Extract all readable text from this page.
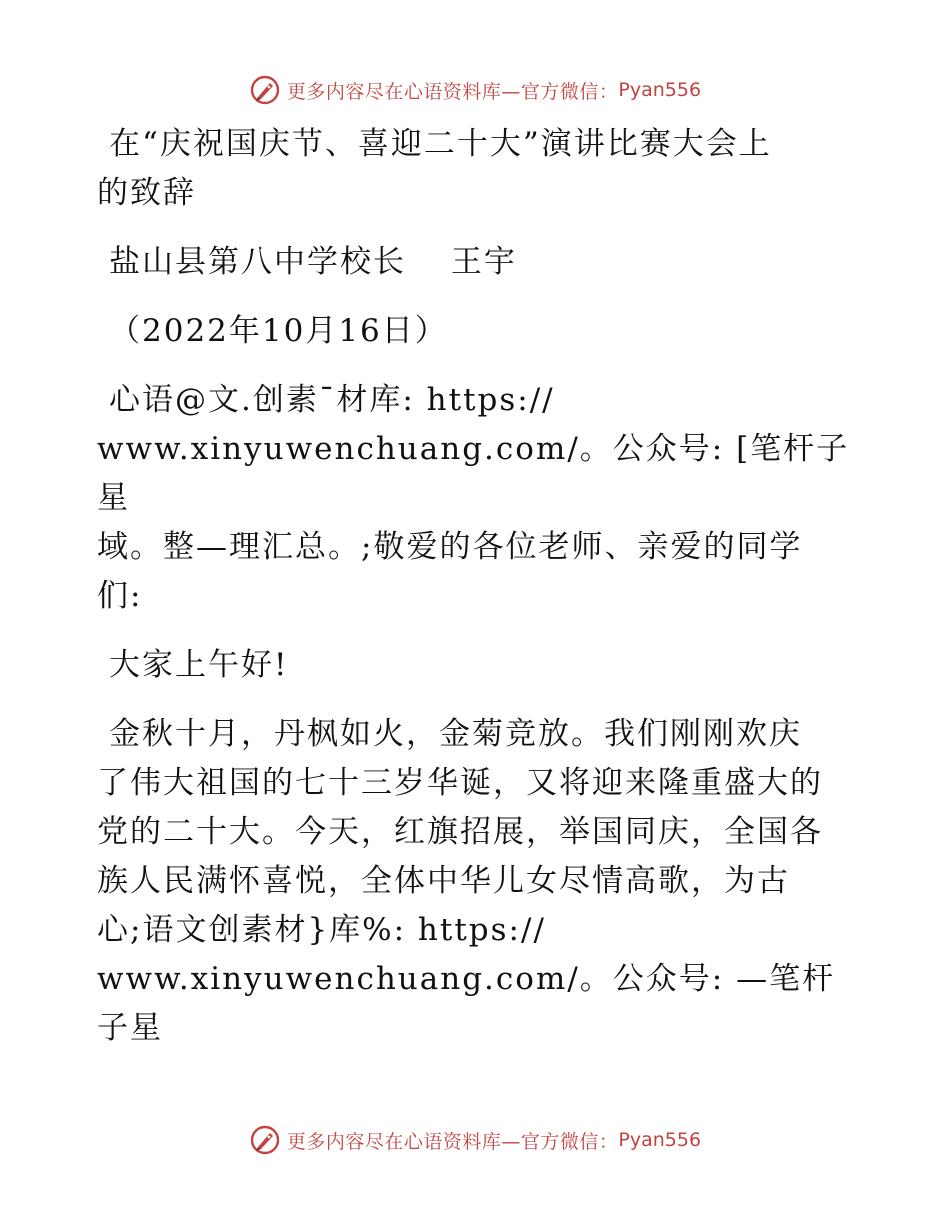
更多内容尽在心语资料库—官方微信： Pyan556

在“庆祝国庆节、喜迎二十大”演讲比赛大会上

的致辞

盐山县第八中学校长　 王宇

（2022年10月16日）

心语@文.创素¯材库: https://

www.xinyuwenchuang.com/。公众号: [笔杆子星

域。整—理汇总。;敬爱的各位老师、亲爱的同学

们:

大家上午好!

金秋十月，丹枫如火，金菊竞放。我们刚刚欢庆

了伟大祖国的七十三岁华诞，又将迎来隆重盛大的

党的二十大。今天，红旗招展，举国同庆，全国各

族人民满怀喜悦，全体中华儿女尽情高歌，为古

心;语文创素材}库%: https://

www.xinyuwenchuang.com/。公众号: —笔杆子星

更多内容尽在心语资料库—官方微信： Pyan556
